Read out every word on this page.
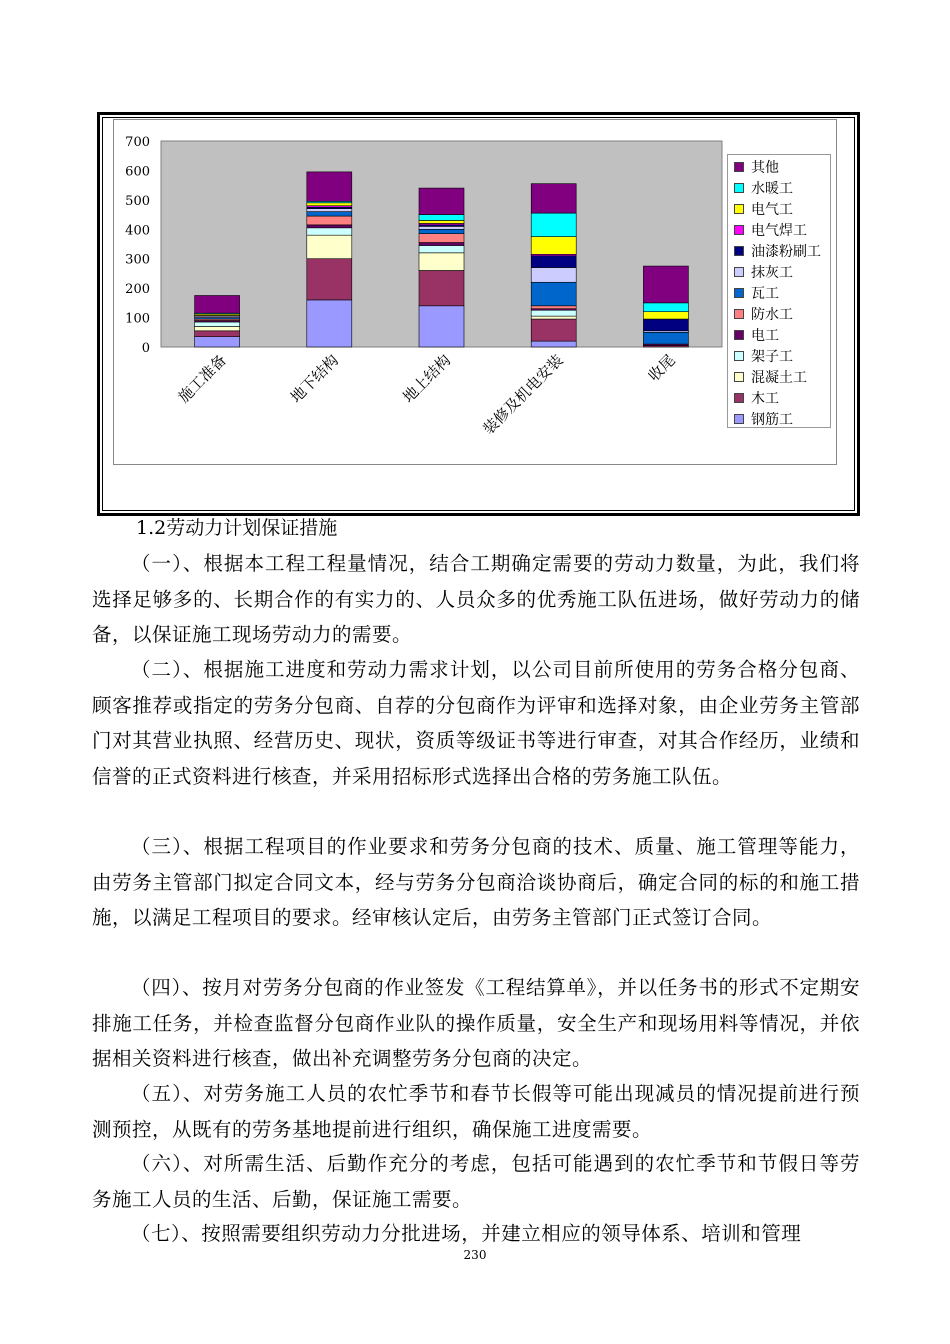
0
100
200
300
400
500
600
700
施工准备	地下结构	地上结构 装修及机电安装	收尾
其他
水暖工
电气工
电气焊工
油漆粉刷工
抹灰工
瓦工
防水工
电工
架子工
混凝土工
木工
钢筋工
1.2劳动力计划保证措施
（一）、根据本工程工程量情况，结合工期确定需要的劳动力数量，为此，我们将选择足够多的、长期合作的有实力的、人员众多的优秀施工队伍进场，做好劳动力的储备，以保证施工现场劳动力的需要。
（二）、根据施工进度和劳动力需求计划，以公司目前所使用的劳务合格分包商、顾客推荐或指定的劳务分包商、自荐的分包商作为评审和选择对象，由企业劳务主管部门对其营业执照、经营历史、现状，资质等级证书等进行审查，对其合作经历，业绩和信誉的正式资料进行核查，并采用招标形式选择出合格的劳务施工队伍。
（三）、根据工程项目的作业要求和劳务分包商的技术、质量、施工管理等能力，由劳务主管部门拟定合同文本，经与劳务分包商洽谈协商后，确定合同的标的和施工措施，以满足工程项目的要求。经审核认定后，由劳务主管部门正式签订合同。
（四）、按月对劳务分包商的作业签发《工程结算单》，并以任务书的形式不定期安排施工任务，并检查监督分包商作业队的操作质量，安全生产和现场用料等情况，并依据相关资料进行核查，做出补充调整劳务分包商的决定。
（五）、对劳务施工人员的农忙季节和春节长假等可能出现减员的情况提前进行预测预控，从既有的劳务基地提前进行组织，确保施工进度需要。
（六）、对所需生活、后勤作充分的考虑，包括可能遇到的农忙季节和节假日等劳务施工人员的生活、后勤，保证施工需要。
（七）、按照需要组织劳动力分批进场，并建立相应的领导体系、培训和管理
230
